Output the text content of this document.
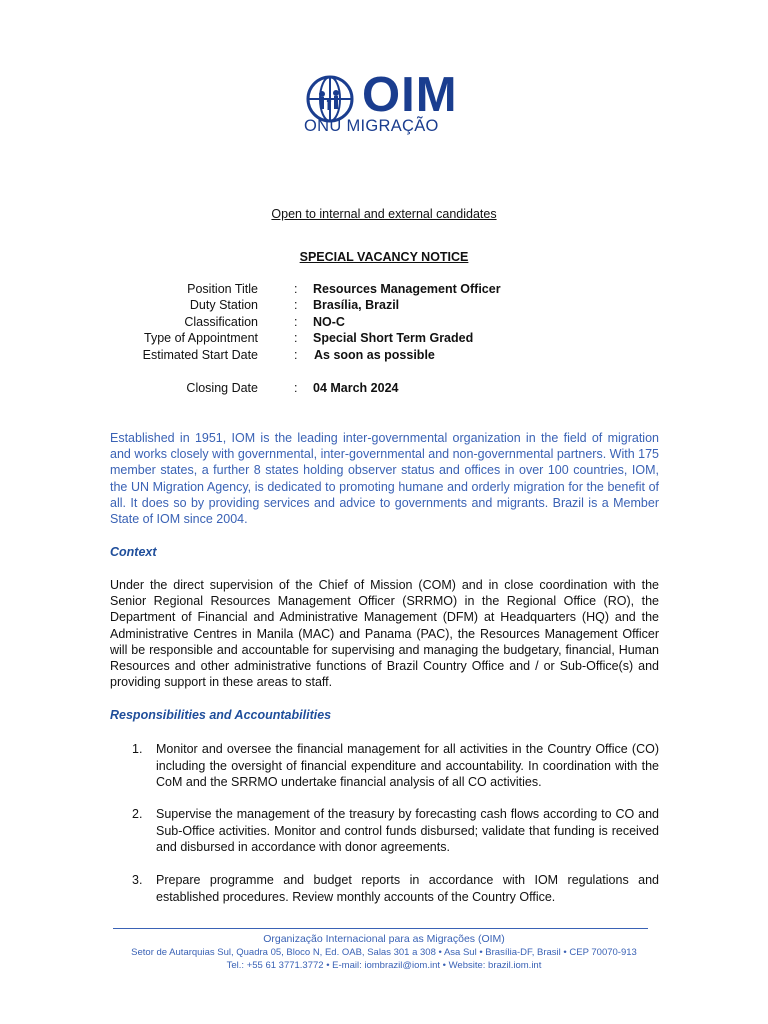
OIM
ONU MIGRAÇÃO
Open to internal and external candidates
SPECIAL VACANCY NOTICE
Position Title	: Resources Management Officer
Duty Station	: Brasília, Brazil
Classification	: NO-C
Type of Appointment	: Special Short Term Graded
Estimated Start Date	: As soon as possible
Closing Date	: 04 March 2024
Established in 1951, IOM is the leading inter-governmental organization in the field of migration and works closely with governmental, inter-governmental and non-governmental partners. With 175 member states, a further 8 states holding observer status and offices in over 100 countries, IOM, the UN Migration Agency, is dedicated to promoting humane and orderly migration for the benefit of all. It does so by providing services and advice to governments and migrants. Brazil is a Member State of IOM since 2004.
Context
Under the direct supervision of the Chief of Mission (COM) and in close coordination with the Senior Regional Resources Management Officer (SRRMO) in the Regional Office (RO), the Department of Financial and Administrative Management (DFM) at Headquarters (HQ) and the Administrative Centres in Manila (MAC) and Panama (PAC), the Resources Management Officer will be responsible and accountable for supervising and managing the budgetary, financial, Human Resources and other administrative functions of Brazil Country Office and / or Sub-Office(s) and providing support in these areas to staff.
Responsibilities and Accountabilities
1. Monitor and oversee the financial management for all activities in the Country Office (CO) including the oversight of financial expenditure and accountability. In coordination with the CoM and the SRRMO undertake financial analysis of all CO activities.
2. Supervise the management of the treasury by forecasting cash flows according to CO and Sub-Office activities. Monitor and control funds disbursed; validate that funding is received and disbursed in accordance with donor agreements.
3. Prepare programme and budget reports in accordance with IOM regulations and established procedures. Review monthly accounts of the Country Office.
Organização Internacional para as Migrações (OIM)
Setor de Autarquias Sul, Quadra 05, Bloco N, Ed. OAB, Salas 301 a 308 • Asa Sul • Brasília-DF, Brasil • CEP 70070-913
Tel.: +55 61 3771.3772 • E-mail: iombrazil@iom.int • Website: brazil.iom.int
